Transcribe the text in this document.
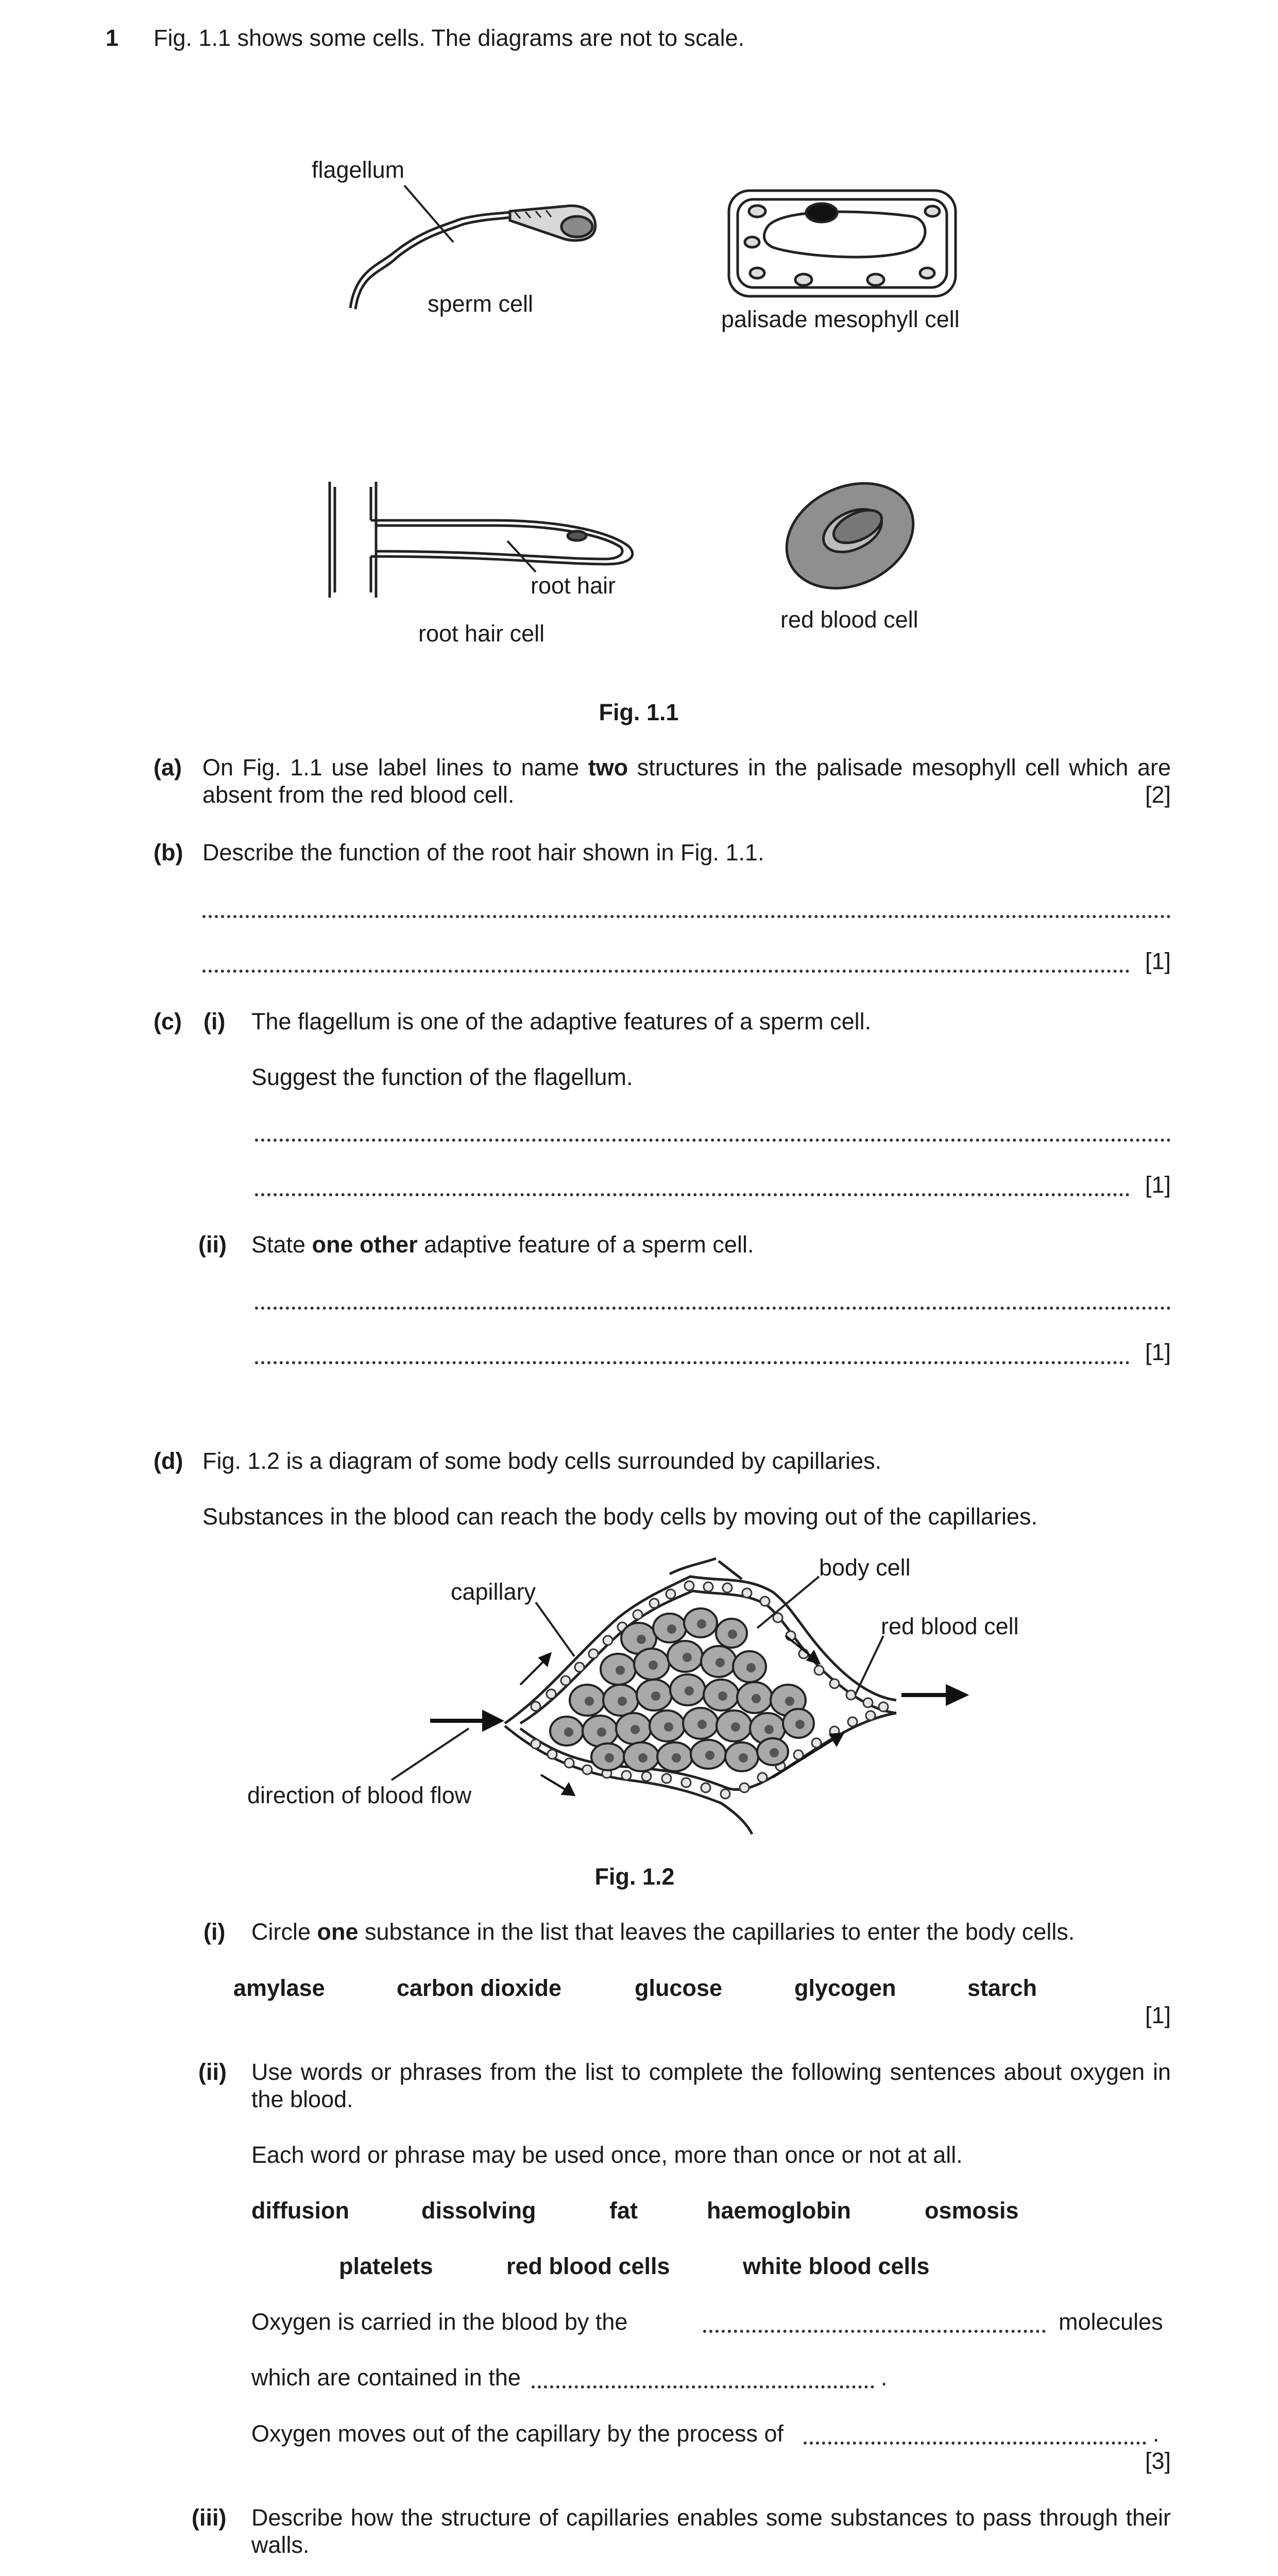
1 Fig. 1.1 shows some cells. The diagrams are not to scale.
flagellum
sperm cell
palisade mesophyll cell
root hair
root hair cell
red blood cell
Fig. 1.1
(a) On Fig. 1.1 use label lines to name two structures in the palisade mesophyll cell which are
absent from the red blood cell.	[2]
(b) Describe the function of the root hair shown in Fig. 1.1.
[1]
(c) (i) The flagellum is one of the adaptive features of a sperm cell.
Suggest the function of the flagellum.
[1]
(ii) State one other adaptive feature of a sperm cell.
[1]
(d) Fig. 1.2 is a diagram of some body cells surrounded by capillaries.
Substances in the blood can reach the body cells by moving out of the capillaries.
capillary
body cell
red blood cell
direction of blood flow
Fig. 1.2
(i) Circle one substance in the list that leaves the capillaries to enter the body cells.
amylase	carbon dioxide	glucose	glycogen	starch
[1]
(ii) Use words or phrases from the list to complete the following sentences about oxygen in
the blood.
Each word or phrase may be used once, more than once or not at all.
diffusion	dissolving	fat	haemoglobin	osmosis
platelets	red blood cells	white blood cells
Oxygen is carried in the blood by the	molecules
which are contained in the	.
Oxygen moves out of the capillary by the process of	.
[3]
(iii) Describe how the structure of capillaries enables some substances to pass through their
walls.
